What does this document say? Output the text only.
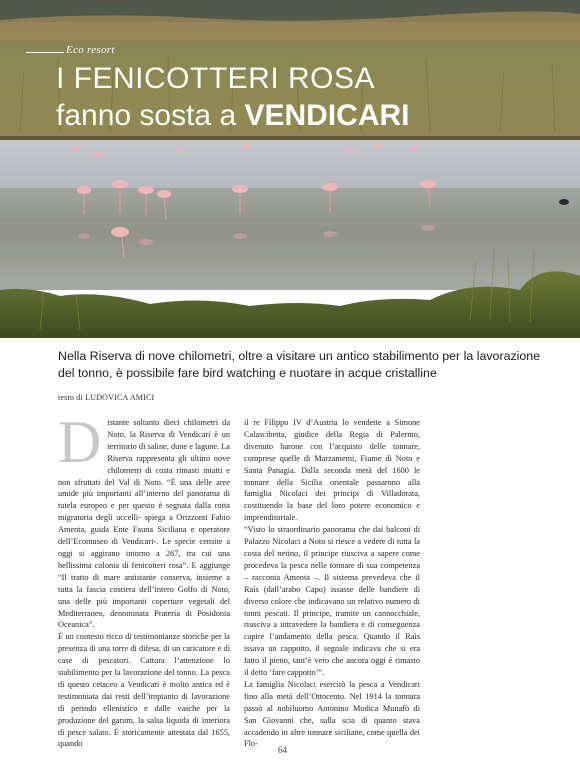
Eco resort
I FENICOTTERI ROSA
fanno sosta a VENDICARI
Nella Riserva di nove chilometri, oltre a visitare un antico stabilimento per la lavorazione del tonno, è possibile fare bird watching e nuotare in acque cristalline
testo di LUDOVICA AMICI
D istante soltanto dieci chilometri da Noto, la Riserva di Vendicari è un territorio di saline, dune e lagune. La Riserva rappresenta gli ultimi nove chilometri di costa rimasti intatti e non sfruttati del Val di Noto. “È una delle aree umide più importanti all’interno del panorama di tutela europeo e per questo è segnata dalla rotta migratoria degli uccelli- spiega a Orizzonti Fabio Amenta, guida Ente Fauna Siciliana e operatore dell’Ecomuseo di Vendicari-. Le specie censite a oggi si aggirano intorno a 267, tra cui una bellissima colonia di fenicotteri rosa”. E aggiunge “Il tratto di mare antistante conserva, insieme a tutta la fascia costiera dell’intero Golfo di Noto, una delle più importanti coperture vegetali del Mediterraneo, denominata Prateria di Posidonia Oceanica”.

È un contesto ricco di testimonianze storiche per la presenza di una torre di difesa, di un caricatore e di case di pescatori. Cattura l’attenzione lo stabilimento per la lavorazione del tonno. La pesca di questo cetaceo a Vendicari è molto antica ed è testimoniata dai resti dell’impianto di lavorazione di periodo ellenistico e dalle vasche per la produzione del garum, la salsa liquida di interiora di pesce salato. È storicamente attestata dal 1655, quando

il re Filippo IV d’Austria lo vendette a Simone Calascibetta, giudice della Regia di Palermo, divenuto barone con l’acquisto delle tonnare, comprese quelle di Marzamemi, Fiume di Noto e Santa Panagia. Dalla seconda metà del 1600 le tonnare della Sicilia orientale passarono alla famiglia Nicolaci dei principi di Villadorata, costituendo la base del loro potere economico e imprenditoriale.

“Visto lo straordinario panorama che dai balconi di Palazzo Nicolaci a Noto si riesce a vedere di tutta la costa del netino, il principe riusciva a sapere come procedeva la pesca nelle tonnare di sua competenza – racconta Amenta –. Il sistema prevedeva che il Raìs (dall’arabo Capo) issasse delle bandiere di diverso colore che indicavano un relativo numero di tonni pescati. Il principe, tramite un cannocchiale, riusciva a intravedere la bandiera e di conseguenza capire l’andamento della pesca. Quando il Raìs issava un cappotto, il segnale indicava che si era fatto il pieno, tant’è vero che ancora oggi è rimasto il detto ‘fare cappotto’”.

La famiglia Nicolaci esercitò la pesca a Vendicari fino alla metà dell’Ottocento. Nel 1914 la tonnara passò al nobiluomo Antonino Modica Munafò di San Giovanni che, sulla scia di quanto stava accadendo in altre tonnare siciliane, come quella dei Flo-

64
